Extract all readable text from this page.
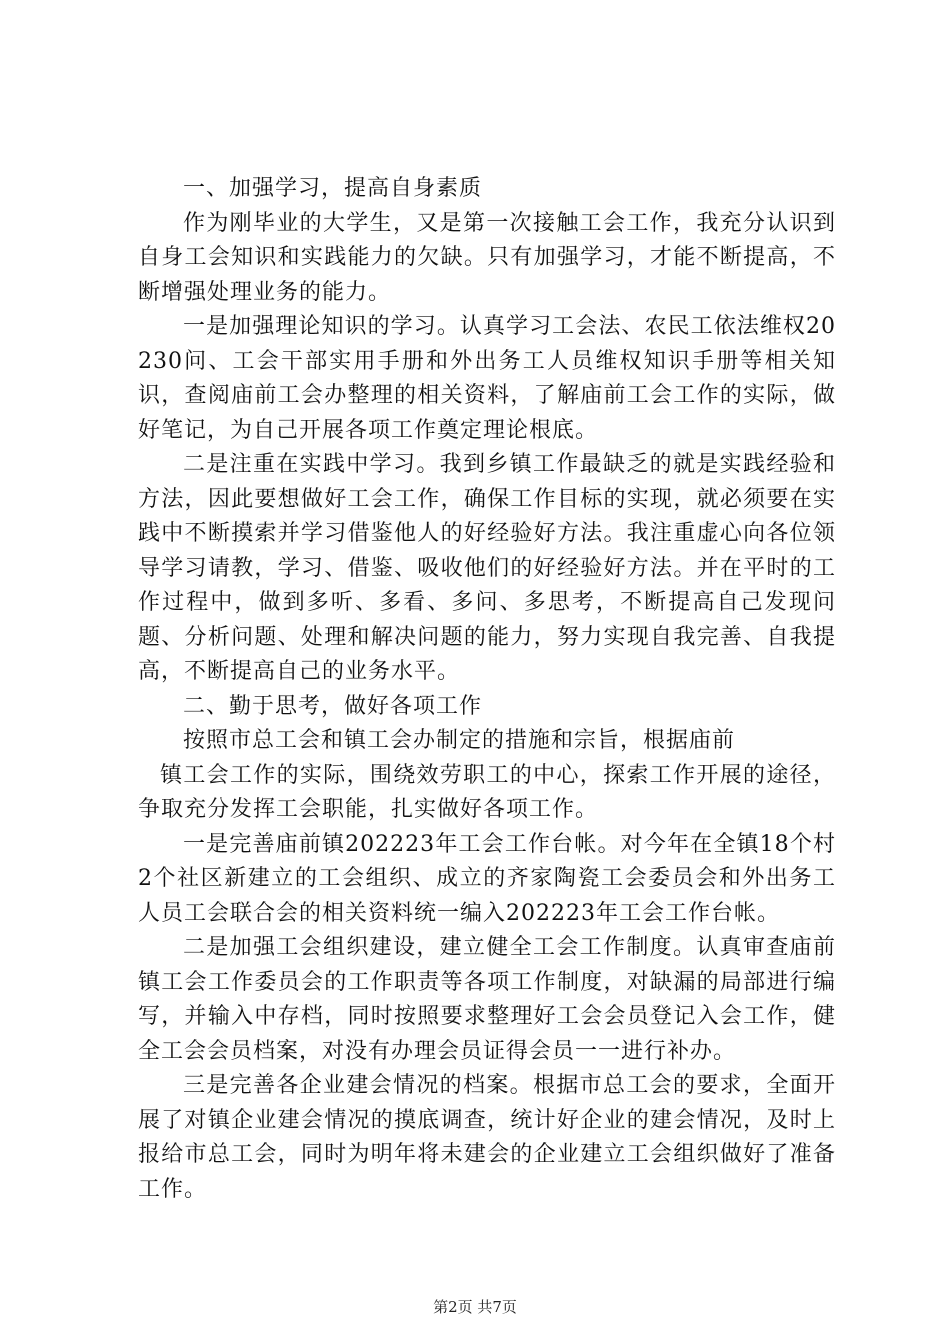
一、加强学习，提高自身素质

作为刚毕业的大学生，又是第一次接触工会工作，我充分认识到自身工会知识和实践能力的欠缺。只有加强学习，才能不断提高，不断增强处理业务的能力。

一是加强理论知识的学习。认真学习工会法、农民工依法维权20230问、工会干部实用手册和外出务工人员维权知识手册等相关知识，查阅庙前工会办整理的相关资料，了解庙前工会工作的实际，做好笔记，为自己开展各项工作奠定理论根底。

二是注重在实践中学习。我到乡镇工作最缺乏的就是实践经验和方法，因此要想做好工会工作，确保工作目标的实现，就必须要在实践中不断摸索并学习借鉴他人的好经验好方法。我注重虚心向各位领导学习请教，学习、借鉴、吸收他们的好经验好方法。并在平时的工作过程中，做到多听、多看、多问、多思考，不断提高自己发现问题、分析问题、处理和解决问题的能力，努力实现自我完善、自我提高，不断提高自己的业务水平。

二、勤于思考，做好各项工作

按照市总工会和镇工会办制定的措施和宗旨，根据庙前

镇工会工作的实际，围绕效劳职工的中心，探索工作开展的途径，争取充分发挥工会职能，扎实做好各项工作。

一是完善庙前镇202223年工会工作台帐。对今年在全镇18个村2个社区新建立的工会组织、成立的齐家陶瓷工会委员会和外出务工人员工会联合会的相关资料统一编入202223年工会工作台帐。

二是加强工会组织建设，建立健全工会工作制度。认真审查庙前镇工会工作委员会的工作职责等各项工作制度，对缺漏的局部进行编写，并输入中存档，同时按照要求整理好工会会员登记入会工作，健全工会会员档案，对没有办理会员证得会员一一进行补办。

三是完善各企业建会情况的档案。根据市总工会的要求，全面开展了对镇企业建会情况的摸底调查，统计好企业的建会情况，及时上报给市总工会，同时为明年将未建会的企业建立工会组织做好了准备工作。

第2页 共7页
